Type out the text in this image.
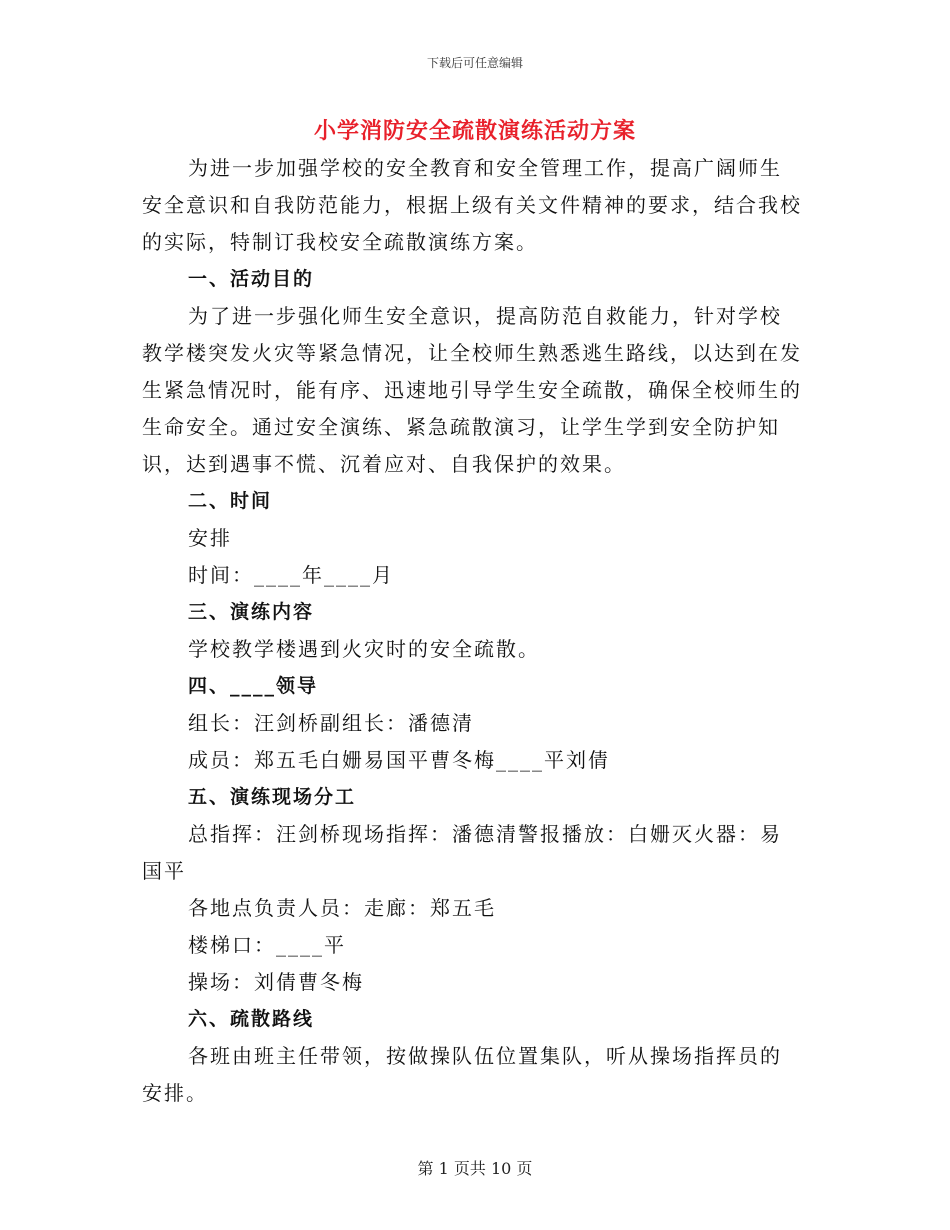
下载后可任意编辑
小学消防安全疏散演练活动方案

为进一步加强学校的安全教育和安全管理工作，提高广阔师生安全意识和自我防范能力，根据上级有关文件精神的要求，结合我校的实际，特制订我校安全疏散演练方案。

一、活动目的

为了进一步强化师生安全意识，提高防范自救能力，针对学校教学楼突发火灾等紧急情况，让全校师生熟悉逃生路线，以达到在发生紧急情况时，能有序、迅速地引导学生安全疏散，确保全校师生的生命安全。通过安全演练、紧急疏散演习，让学生学到安全防护知识，达到遇事不慌、沉着应对、自我保护的效果。

二、时间

安排

时间：____年____月

三、演练内容

学校教学楼遇到火灾时的安全疏散。

四、____领导

组长：汪剑桥副组长：潘德清

成员：郑五毛白姗易国平曹冬梅____平刘倩

五、演练现场分工

总指挥：汪剑桥现场指挥：潘德清警报播放：白姗灭火器：易国平

各地点负责人员：走廊：郑五毛

楼梯口：____平

操场：刘倩曹冬梅

六、疏散路线

各班由班主任带领，按做操队伍位置集队，听从操场指挥员的安排。

第 1 页共 10 页
